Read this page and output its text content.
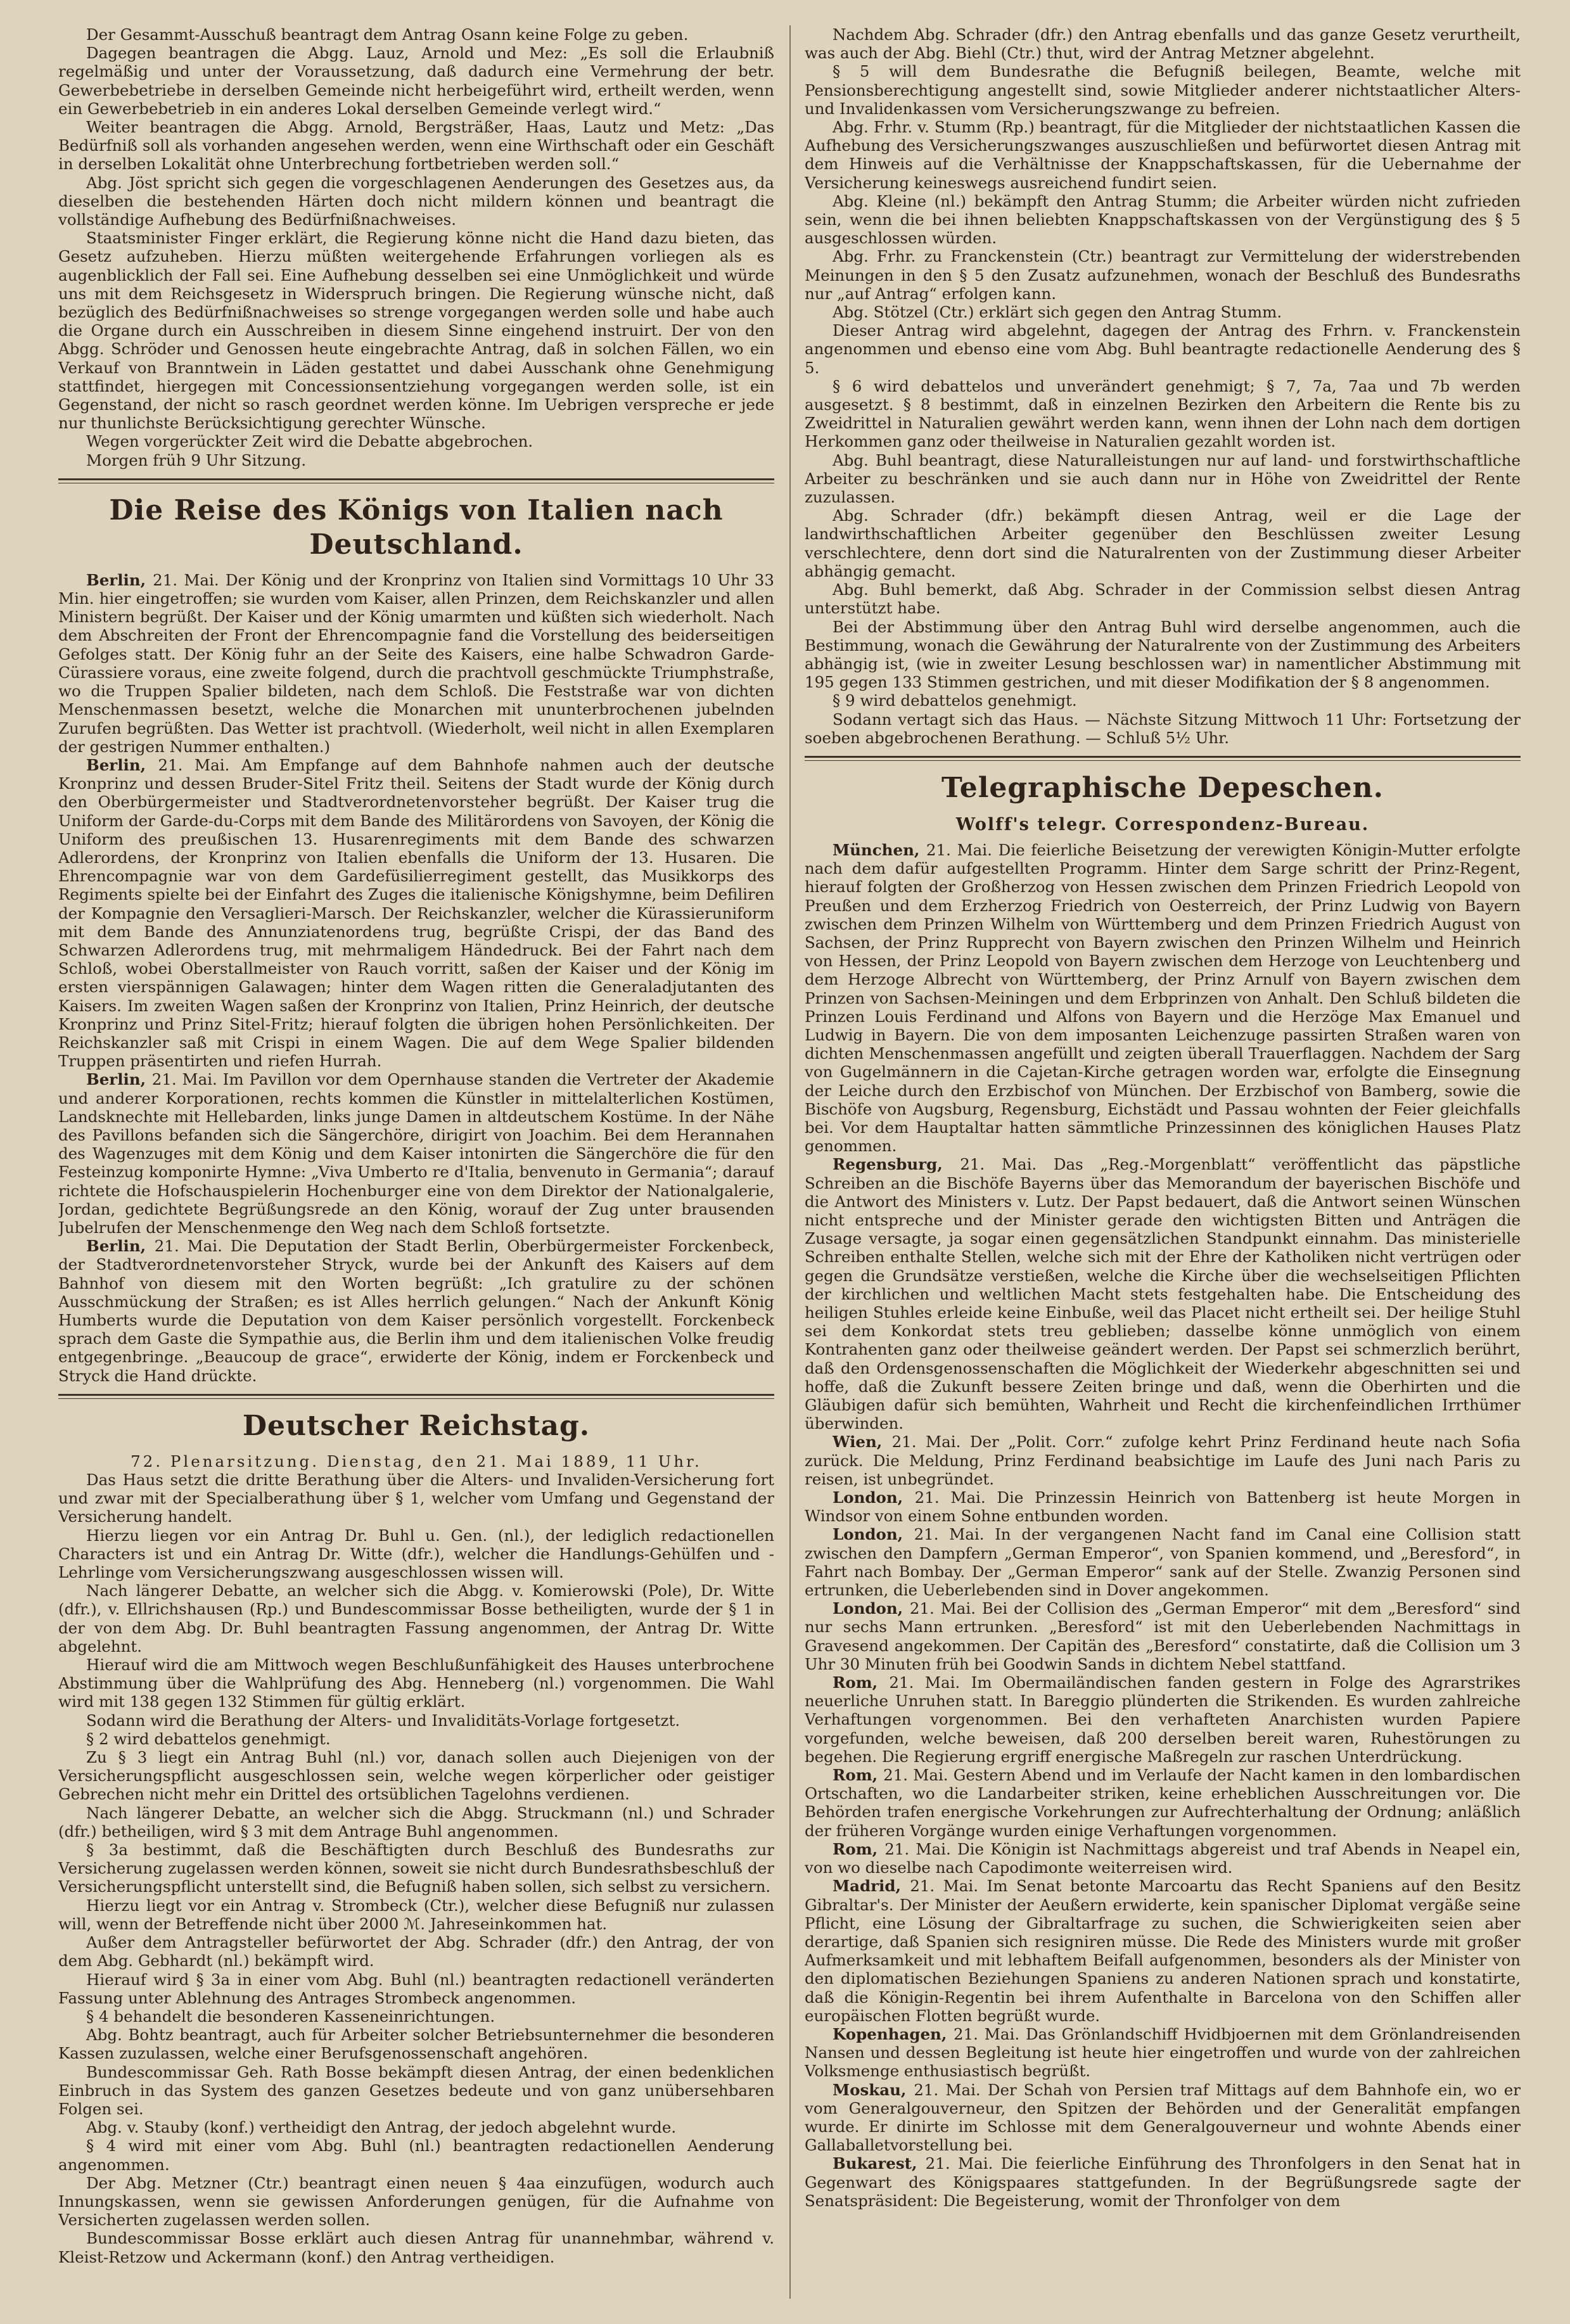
Der Gesammt-Ausschuß beantragt dem Antrag Osann keine Folge zu geben.

Dagegen beantragen die Abgg. Lauz, Arnold und Mez: „Es soll die Erlaubniß regelmäßig und unter der Voraussetzung, daß dadurch eine Vermehrung der betr. Gewerbebetriebe in derselben Gemeinde nicht herbeigeführt wird, ertheilt werden, wenn ein Gewerbebetrieb in ein anderes Lokal derselben Gemeinde verlegt wird.“

Weiter beantragen die Abgg. Arnold, Bergsträßer, Haas, Lautz und Metz: „Das Bedürfniß soll als vorhanden angesehen werden, wenn eine Wirthschaft oder ein Geschäft in derselben Lokalität ohne Unterbrechung fortbetrieben werden soll.“

Abg. Jöst spricht sich gegen die vorgeschlagenen Aenderungen des Gesetzes aus, da dieselben die bestehenden Härten doch nicht mildern können und beantragt die vollständige Aufhebung des Bedürfnißnachweises.

Staatsminister Finger erklärt, die Regierung könne nicht die Hand dazu bieten, das Gesetz aufzuheben. Hierzu müßten weitergehende Erfahrungen vorliegen als es augenblicklich der Fall sei. Eine Aufhebung desselben sei eine Unmöglichkeit und würde uns mit dem Reichsgesetz in Widerspruch bringen. Die Regierung wünsche nicht, daß bezüglich des Bedürfnißnachweises so strenge vorgegangen werden solle und habe auch die Organe durch ein Ausschreiben in diesem Sinne eingehend instruirt. Der von den Abgg. Schröder und Genossen heute eingebrachte Antrag, daß in solchen Fällen, wo ein Verkauf von Branntwein in Läden gestattet und dabei Ausschank ohne Genehmigung stattfindet, hiergegen mit Concessionsentziehung vorgegangen werden solle, ist ein Gegenstand, der nicht so rasch geordnet werden könne. Im Uebrigen verspreche er jede nur thunlichste Berücksichtigung gerechter Wünsche.

Wegen vorgerückter Zeit wird die Debatte abgebrochen.

Morgen früh 9 Uhr Sitzung.

Die Reise des Königs von Italien nach Deutschland.

Berlin, 21. Mai. Der König und der Kronprinz von Italien sind Vormittags 10 Uhr 33 Min. hier eingetroffen; sie wurden vom Kaiser, allen Prinzen, dem Reichskanzler und allen Ministern begrüßt. Der Kaiser und der König umarmten und küßten sich wiederholt. Nach dem Abschreiten der Front der Ehrencompagnie fand die Vorstellung des beiderseitigen Gefolges statt. Der König fuhr an der Seite des Kaisers, eine halbe Schwadron Garde-Cürassiere voraus, eine zweite folgend, durch die prachtvoll geschmückte Triumphstraße, wo die Truppen Spalier bildeten, nach dem Schloß. Die Feststraße war von dichten Menschenmassen besetzt, welche die Monarchen mit ununterbrochenen jubelnden Zurufen begrüßten. Das Wetter ist prachtvoll. (Wiederholt, weil nicht in allen Exemplaren der gestrigen Nummer enthalten.)

Berlin, 21. Mai. Am Empfange auf dem Bahnhofe nahmen auch der deutsche Kronprinz und dessen Bruder-Sitel Fritz theil. Seitens der Stadt wurde der König durch den Oberbürgermeister und Stadtverordnetenvorsteher begrüßt. Der Kaiser trug die Uniform der Garde-du-Corps mit dem Bande des Militärordens von Savoyen, der König die Uniform des preußischen 13. Husarenregiments mit dem Bande des schwarzen Adlerordens, der Kronprinz von Italien ebenfalls die Uniform der 13. Husaren. Die Ehrencompagnie war von dem Gardefüsilierregiment gestellt, das Musikkorps des Regiments spielte bei der Einfahrt des Zuges die italienische Königshymne, beim Defiliren der Kompagnie den Versaglieri-Marsch. Der Reichskanzler, welcher die Kürassieruniform mit dem Bande des Annunziatenordens trug, begrüßte Crispi, der das Band des Schwarzen Adlerordens trug, mit mehrmaligem Händedruck. Bei der Fahrt nach dem Schloß, wobei Oberstallmeister von Rauch vorritt, saßen der Kaiser und der König im ersten vierspännigen Galawagen; hinter dem Wagen ritten die Generaladjutanten des Kaisers. Im zweiten Wagen saßen der Kronprinz von Italien, Prinz Heinrich, der deutsche Kronprinz und Prinz Sitel-Fritz; hierauf folgten die übrigen hohen Persönlichkeiten. Der Reichskanzler saß mit Crispi in einem Wagen. Die auf dem Wege Spalier bildenden Truppen präsentirten und riefen Hurrah.

Berlin, 21. Mai. Im Pavillon vor dem Opernhause standen die Vertreter der Akademie und anderer Korporationen, rechts kommen die Künstler in mittelalterlichen Kostümen, Landsknechte mit Hellebarden, links junge Damen in altdeutschem Kostüme. In der Nähe des Pavillons befanden sich die Sängerchöre, dirigirt von Joachim. Bei dem Herannahen des Wagenzuges mit dem König und dem Kaiser intonirten die Sängerchöre die für den Festeinzug komponirte Hymne: „Viva Umberto re d'Italia, benvenuto in Germania“; darauf richtete die Hofschauspielerin Hochenburger eine von dem Direktor der Nationalgalerie, Jordan, gedichtete Begrüßungsrede an den König, worauf der Zug unter brausenden Jubelrufen der Menschenmenge den Weg nach dem Schloß fortsetzte.

Berlin, 21. Mai. Die Deputation der Stadt Berlin, Oberbürgermeister Forckenbeck, der Stadtverordnetenvorsteher Stryck, wurde bei der Ankunft des Kaisers auf dem Bahnhof von diesem mit den Worten begrüßt: „Ich gratulire zu der schönen Ausschmückung der Straßen; es ist Alles herrlich gelungen.“ Nach der Ankunft König Humberts wurde die Deputation von dem Kaiser persönlich vorgestellt. Forckenbeck sprach dem Gaste die Sympathie aus, die Berlin ihm und dem italienischen Volke freudig entgegenbringe. „Beaucoup de grace“, erwiderte der König, indem er Forckenbeck und Stryck die Hand drückte.

Deutscher Reichstag.

72. Plenarsitzung. Dienstag, den 21. Mai 1889, 11 Uhr.

Das Haus setzt die dritte Berathung über die Alters- und Invaliden-Versicherung fort und zwar mit der Specialberathung über § 1, welcher vom Umfang und Gegenstand der Versicherung handelt.

Hierzu liegen vor ein Antrag Dr. Buhl u. Gen. (nl.), der lediglich redactionellen Characters ist und ein Antrag Dr. Witte (dfr.), welcher die Handlungs-Gehülfen und -Lehrlinge vom Versicherungszwang ausgeschlossen wissen will.

Nach längerer Debatte, an welcher sich die Abgg. v. Komierowski (Pole), Dr. Witte (dfr.), v. Ellrichshausen (Rp.) und Bundescommissar Bosse betheiligten, wurde der § 1 in der von dem Abg. Dr. Buhl beantragten Fassung angenommen, der Antrag Dr. Witte abgelehnt.

Hierauf wird die am Mittwoch wegen Beschlußunfähigkeit des Hauses unterbrochene Abstimmung über die Wahlprüfung des Abg. Henneberg (nl.) vorgenommen. Die Wahl wird mit 138 gegen 132 Stimmen für gültig erklärt.

Sodann wird die Berathung der Alters- und Invaliditäts-Vorlage fortgesetzt.

§ 2 wird debattelos genehmigt.

Zu § 3 liegt ein Antrag Buhl (nl.) vor, danach sollen auch Diejenigen von der Versicherungspflicht ausgeschlossen sein, welche wegen körperlicher oder geistiger Gebrechen nicht mehr ein Drittel des ortsüblichen Tagelohns verdienen.

Nach längerer Debatte, an welcher sich die Abgg. Struckmann (nl.) und Schrader (dfr.) betheiligen, wird § 3 mit dem Antrage Buhl angenommen.

§ 3a bestimmt, daß die Beschäftigten durch Beschluß des Bundesraths zur Versicherung zugelassen werden können, soweit sie nicht durch Bundesrathsbeschluß der Versicherungspflicht unterstellt sind, die Befugniß haben sollen, sich selbst zu versichern.

Hierzu liegt vor ein Antrag v. Strombeck (Ctr.), welcher diese Befugniß nur zulassen will, wenn der Betreffende nicht über 2000 ℳ. Jahreseinkommen hat.

Außer dem Antragsteller befürwortet der Abg. Schrader (dfr.) den Antrag, der von dem Abg. Gebhardt (nl.) bekämpft wird.

Hierauf wird § 3a in einer vom Abg. Buhl (nl.) beantragten redactionell veränderten Fassung unter Ablehnung des Antrages Strombeck angenommen.

§ 4 behandelt die besonderen Kasseneinrichtungen.

Abg. Bohtz beantragt, auch für Arbeiter solcher Betriebsunternehmer die besonderen Kassen zuzulassen, welche einer Berufsgenossenschaft angehören.

Bundescommissar Geh. Rath Bosse bekämpft diesen Antrag, der einen bedenklichen Einbruch in das System des ganzen Gesetzes bedeute und von ganz unübersehbaren Folgen sei.

Abg. v. Stauby (konf.) vertheidigt den Antrag, der jedoch abgelehnt wurde.

§ 4 wird mit einer vom Abg. Buhl (nl.) beantragten redactionellen Aenderung angenommen.

Der Abg. Metzner (Ctr.) beantragt einen neuen § 4aa einzufügen, wodurch auch Innungskassen, wenn sie gewissen Anforderungen genügen, für die Aufnahme von Versicherten zugelassen werden sollen.

Bundescommissar Bosse erklärt auch diesen Antrag für unannehmbar, während v. Kleist-Retzow und Ackermann (konf.) den Antrag vertheidigen.

Nachdem Abg. Schrader (dfr.) den Antrag ebenfalls und das ganze Gesetz verurtheilt, was auch der Abg. Biehl (Ctr.) thut, wird der Antrag Metzner abgelehnt.

§ 5 will dem Bundesrathe die Befugniß beilegen, Beamte, welche mit Pensionsberechtigung angestellt sind, sowie Mitglieder anderer nichtstaatlicher Alters- und Invalidenkassen vom Versicherungszwange zu befreien.

Abg. Frhr. v. Stumm (Rp.) beantragt, für die Mitglieder der nichtstaatlichen Kassen die Aufhebung des Versicherungszwanges auszuschließen und befürwortet diesen Antrag mit dem Hinweis auf die Verhältnisse der Knappschaftskassen, für die Uebernahme der Versicherung keineswegs ausreichend fundirt seien.

Abg. Kleine (nl.) bekämpft den Antrag Stumm; die Arbeiter würden nicht zufrieden sein, wenn die bei ihnen beliebten Knappschaftskassen von der Vergünstigung des § 5 ausgeschlossen würden.

Abg. Frhr. zu Franckenstein (Ctr.) beantragt zur Vermittelung der widerstrebenden Meinungen in den § 5 den Zusatz aufzunehmen, wonach der Beschluß des Bundesraths nur „auf Antrag“ erfolgen kann.

Abg. Stötzel (Ctr.) erklärt sich gegen den Antrag Stumm.

Dieser Antrag wird abgelehnt, dagegen der Antrag des Frhrn. v. Franckenstein angenommen und ebenso eine vom Abg. Buhl beantragte redactionelle Aenderung des § 5.

§ 6 wird debattelos und unverändert genehmigt; § 7, 7a, 7aa und 7b werden ausgesetzt. § 8 bestimmt, daß in einzelnen Bezirken den Arbeitern die Rente bis zu Zweidrittel in Naturalien gewährt werden kann, wenn ihnen der Lohn nach dem dortigen Herkommen ganz oder theilweise in Naturalien gezahlt worden ist.

Abg. Buhl beantragt, diese Naturalleistungen nur auf land- und forstwirthschaftliche Arbeiter zu beschränken und sie auch dann nur in Höhe von Zweidrittel der Rente zuzulassen.

Abg. Schrader (dfr.) bekämpft diesen Antrag, weil er die Lage der landwirthschaftlichen Arbeiter gegenüber den Beschlüssen zweiter Lesung verschlechtere, denn dort sind die Naturalrenten von der Zustimmung dieser Arbeiter abhängig gemacht.

Abg. Buhl bemerkt, daß Abg. Schrader in der Commission selbst diesen Antrag unterstützt habe.

Bei der Abstimmung über den Antrag Buhl wird derselbe angenommen, auch die Bestimmung, wonach die Gewährung der Naturalrente von der Zustimmung des Arbeiters abhängig ist, (wie in zweiter Lesung beschlossen war) in namentlicher Abstimmung mit 195 gegen 133 Stimmen gestrichen, und mit dieser Modifikation der § 8 angenommen.

§ 9 wird debattelos genehmigt.

Sodann vertagt sich das Haus. — Nächste Sitzung Mittwoch 11 Uhr: Fortsetzung der soeben abgebrochenen Berathung. — Schluß 5½ Uhr.

Telegraphische Depeschen.
Wolff's telegr. Correspondenz-Bureau.

München, 21. Mai. Die feierliche Beisetzung der verewigten Königin-Mutter erfolgte nach dem dafür aufgestellten Programm. Hinter dem Sarge schritt der Prinz-Regent, hierauf folgten der Großherzog von Hessen zwischen dem Prinzen Friedrich Leopold von Preußen und dem Erzherzog Friedrich von Oesterreich, der Prinz Ludwig von Bayern zwischen dem Prinzen Wilhelm von Württemberg und dem Prinzen Friedrich August von Sachsen, der Prinz Rupprecht von Bayern zwischen den Prinzen Wilhelm und Heinrich von Hessen, der Prinz Leopold von Bayern zwischen dem Herzoge von Leuchtenberg und dem Herzoge Albrecht von Württemberg, der Prinz Arnulf von Bayern zwischen dem Prinzen von Sachsen-Meiningen und dem Erbprinzen von Anhalt. Den Schluß bildeten die Prinzen Louis Ferdinand und Alfons von Bayern und die Herzöge Max Emanuel und Ludwig in Bayern. Die von dem imposanten Leichenzuge passirten Straßen waren von dichten Menschenmassen angefüllt und zeigten überall Trauerflaggen. Nachdem der Sarg von Gugelmännern in die Cajetan-Kirche getragen worden war, erfolgte die Einsegnung der Leiche durch den Erzbischof von München. Der Erzbischof von Bamberg, sowie die Bischöfe von Augsburg, Regensburg, Eichstädt und Passau wohnten der Feier gleichfalls bei. Vor dem Hauptaltar hatten sämmtliche Prinzessinnen des königlichen Hauses Platz genommen.

Regensburg, 21. Mai. Das „Reg.-Morgenblatt“ veröffentlicht das päpstliche Schreiben an die Bischöfe Bayerns über das Memorandum der bayerischen Bischöfe und die Antwort des Ministers v. Lutz. Der Papst bedauert, daß die Antwort seinen Wünschen nicht entspreche und der Minister gerade den wichtigsten Bitten und Anträgen die Zusage versagte, ja sogar einen gegensätzlichen Standpunkt einnahm. Das ministerielle Schreiben enthalte Stellen, welche sich mit der Ehre der Katholiken nicht vertrügen oder gegen die Grundsätze verstießen, welche die Kirche über die wechselseitigen Pflichten der kirchlichen und weltlichen Macht stets festgehalten habe. Die Entscheidung des heiligen Stuhles erleide keine Einbuße, weil das Placet nicht ertheilt sei. Der heilige Stuhl sei dem Konkordat stets treu geblieben; dasselbe könne unmöglich von einem Kontrahenten ganz oder theilweise geändert werden. Der Papst sei schmerzlich berührt, daß den Ordensgenossenschaften die Möglichkeit der Wiederkehr abgeschnitten sei und hoffe, daß die Zukunft bessere Zeiten bringe und daß, wenn die Oberhirten und die Gläubigen dafür sich bemühten, Wahrheit und Recht die kirchenfeindlichen Irrthümer überwinden.

Wien, 21. Mai. Der „Polit. Corr.“ zufolge kehrt Prinz Ferdinand heute nach Sofia zurück. Die Meldung, Prinz Ferdinand beabsichtige im Laufe des Juni nach Paris zu reisen, ist unbegründet.

London, 21. Mai. Die Prinzessin Heinrich von Battenberg ist heute Morgen in Windsor von einem Sohne entbunden worden.

London, 21. Mai. In der vergangenen Nacht fand im Canal eine Collision statt zwischen den Dampfern „German Emperor“, von Spanien kommend, und „Beresford“, in Fahrt nach Bombay. Der „German Emperor“ sank auf der Stelle. Zwanzig Personen sind ertrunken, die Ueberlebenden sind in Dover angekommen.

London, 21. Mai. Bei der Collision des „German Emperor“ mit dem „Beresford“ sind nur sechs Mann ertrunken. „Beresford“ ist mit den Ueberlebenden Nachmittags in Gravesend angekommen. Der Capitän des „Beresford“ constatirte, daß die Collision um 3 Uhr 30 Minuten früh bei Goodwin Sands in dichtem Nebel stattfand.

Rom, 21. Mai. Im Obermailändischen fanden gestern in Folge des Agrarstrikes neuerliche Unruhen statt. In Bareggio plünderten die Strikenden. Es wurden zahlreiche Verhaftungen vorgenommen. Bei den verhafteten Anarchisten wurden Papiere vorgefunden, welche beweisen, daß 200 derselben bereit waren, Ruhestörungen zu begehen. Die Regierung ergriff energische Maßregeln zur raschen Unterdrückung.

Rom, 21. Mai. Gestern Abend und im Verlaufe der Nacht kamen in den lombardischen Ortschaften, wo die Landarbeiter striken, keine erheblichen Ausschreitungen vor. Die Behörden trafen energische Vorkehrungen zur Aufrechterhaltung der Ordnung; anläßlich der früheren Vorgänge wurden einige Verhaftungen vorgenommen.

Rom, 21. Mai. Die Königin ist Nachmittags abgereist und traf Abends in Neapel ein, von wo dieselbe nach Capodimonte weiterreisen wird.

Madrid, 21. Mai. Im Senat betonte Marcoartu das Recht Spaniens auf den Besitz Gibraltar's. Der Minister der Aeußern erwiderte, kein spanischer Diplomat vergäße seine Pflicht, eine Lösung der Gibraltarfrage zu suchen, die Schwierigkeiten seien aber derartige, daß Spanien sich resigniren müsse. Die Rede des Ministers wurde mit großer Aufmerksamkeit und mit lebhaftem Beifall aufgenommen, besonders als der Minister von den diplomatischen Beziehungen Spaniens zu anderen Nationen sprach und konstatirte, daß die Königin-Regentin bei ihrem Aufenthalte in Barcelona von den Schiffen aller europäischen Flotten begrüßt wurde.

Kopenhagen, 21. Mai. Das Grönlandschiff Hvidbjoernen mit dem Grönlandreisenden Nansen und dessen Begleitung ist heute hier eingetroffen und wurde von der zahlreichen Volksmenge enthusiastisch begrüßt.

Moskau, 21. Mai. Der Schah von Persien traf Mittags auf dem Bahnhofe ein, wo er vom Generalgouverneur, den Spitzen der Behörden und der Generalität empfangen wurde. Er dinirte im Schlosse mit dem Generalgouverneur und wohnte Abends einer Gallaballetvorstellung bei.

Bukarest, 21. Mai. Die feierliche Einführung des Thronfolgers in den Senat hat in Gegenwart des Königspaares stattgefunden. In der Begrüßungsrede sagte der Senatspräsident: Die Begeisterung, womit der Thronfolger von dem
